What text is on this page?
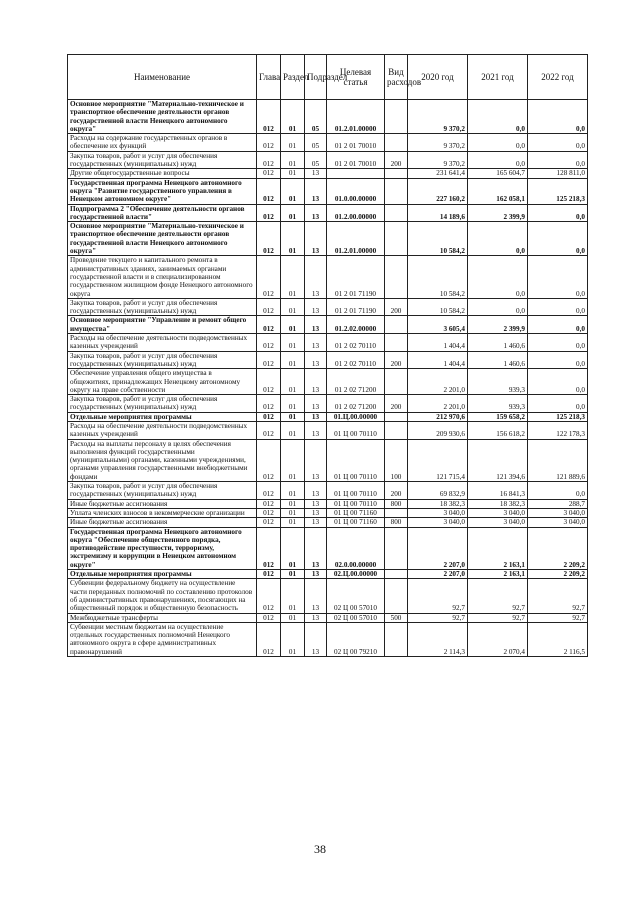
Наименование	Глава	Раздел	Подраздел	Целевая статья	Вид расходов	2020 год	2021 год	2022 год
Основное мероприятие "Материально-техническое и транспортное обеспечение деятельности органов государственной власти Ненецкого автономного округа"	012	01	05	01.2.01.00000		9 370,2	0,0	0,0
Расходы на содержание государственных органов в обеспечение их функций	012	01	05	01 2 01 70010		9 370,2	0,0	0,0
Закупка товаров, работ и услуг для обеспечения государственных (муниципальных) нужд	012	01	05	01 2 01 70010	200	9 370,2	0,0	0,0
Другие общегосударственные вопросы	012	01	13			231 641,4	165 604,7	128 811,0
Государственная программа Ненецкого автономного округа "Развитие государственного управления в Ненецком автономном округе"	012	01	13	01.0.00.00000		227 160,2	162 058,1	125 218,3
Подпрограмма 2 "Обеспечение деятельности органов государственной власти"	012	01	13	01.2.00.00000		14 189,6	2 399,9	0,0
Основное мероприятие "Материально-техническое и транспортное обеспечение деятельности органов государственной власти Ненецкого автономного округа"	012	01	13	01.2.01.00000		10 584,2	0,0	0,0
Проведение текущего и капитального ремонта в административных зданиях, занимаемых органами государственной власти и в специализированном государственном жилищном фонде Ненецкого автономного округа	012	01	13	01 2 01 71190		10 584,2	0,0	0,0
Закупка товаров, работ и услуг для обеспечения государственных (муниципальных) нужд	012	01	13	01 2 01 71190	200	10 584,2	0,0	0,0
Основное мероприятие "Управление и ремонт общего имущества"	012	01	13	01.2.02.00000		3 605,4	2 399,9	0,0
Расходы на обеспечение деятельности подведомственных казенных учреждений	012	01	13	01 2 02 70110		1 404,4	1 460,6	0,0
Закупка товаров, работ и услуг для обеспечения государственных (муниципальных) нужд	012	01	13	01 2 02 70110	200	1 404,4	1 460,6	0,0
Обеспечение управления общего имущества в общежитиях, принадлежащих Ненецкому автономному округу на праве собственности	012	01	13	01 2 02 71200		2 201,0	939,3	0,0
Закупка товаров, работ и услуг для обеспечения государственных (муниципальных) нужд	012	01	13	01 2 02 71200	200	2 201,0	939,3	0,0
Отдельные мероприятия программы	012	01	13	01.Ц.00.00000		212 970,6	159 658,2	125 218,3
Расходы на обеспечение деятельности подведомственных казенных учреждений	012	01	13	01 Ц 00 70110		209 930,6	156 618,2	122 178,3
Расходы на выплаты персоналу в целях обеспечения выполнения функций государственными (муниципальными) органами, казенными учреждениями, органами управления государственными внебюджетными фондами	012	01	13	01 Ц 00 70110	100	121 715,4	121 394,6	121 889,6
Закупка товаров, работ и услуг для обеспечения государственных (муниципальных) нужд	012	01	13	01 Ц 00 70110	200	69 832,9	16 841,3	0,0
Иные бюджетные ассигнования	012	01	13	01 Ц 00 70110	800	18 382,3	18 382,3	288,7
Уплата членских взносов в некоммерческие организации	012	01	13	01 Ц 00 71160		3 040,0	3 040,0	3 040,0
Иные бюджетные ассигнования	012	01	13	01 Ц 00 71160	800	3 040,0	3 040,0	3 040,0
Государственная программа Ненецкого автономного округа "Обеспечение общественного порядка, противодействие преступности, терроризму, экстремизму и коррупции в Ненецком автономном округе"	012	01	13	02.0.00.00000		2 207,0	2 163,1	2 209,2
Отдельные мероприятия программы	012	01	13	02.Ц.00.00000		2 207,0	2 163,1	2 209,2
Субвенции федеральному бюджету на осуществление части переданных полномочий по составлению протоколов об административных правонарушениях, посягающих на общественный порядок и общественную безопасность	012	01	13	02 Ц 00 57010		92,7	92,7	92,7
Межбюджетные трансферты	012	01	13	02 Ц 00 57010	500	92,7	92,7	92,7
Субвенции местным бюджетам на осуществление отдельных государственных полномочий Ненецкого автономного округа в сфере административных правонарушений	012	01	13	02 Ц 00 79210		2 114,3	2 070,4	2 116,5
38
